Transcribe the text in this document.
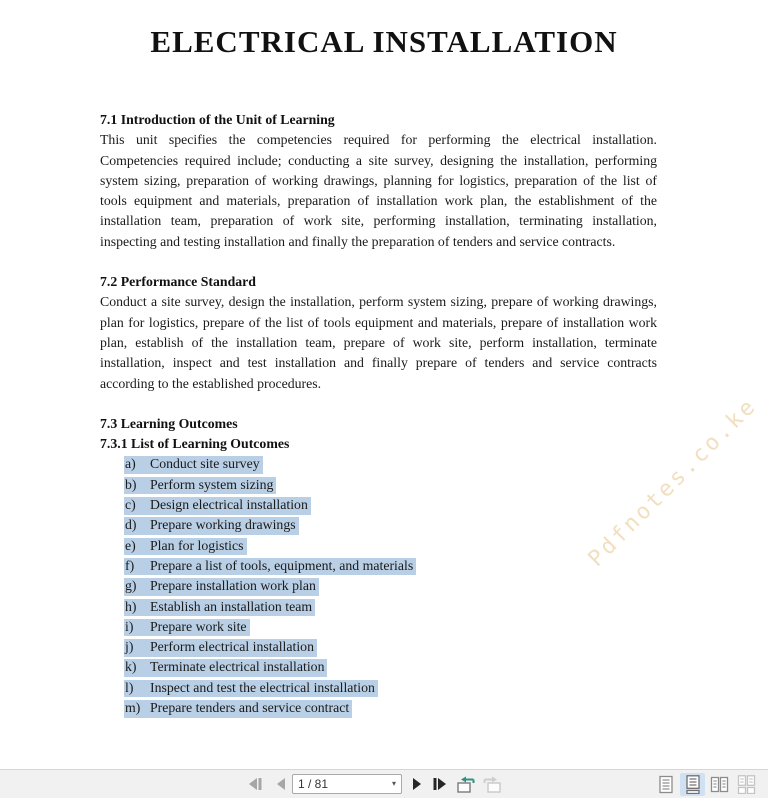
ELECTRICAL INSTALLATION
7.1 Introduction of the Unit of Learning

This unit specifies the competencies required for performing the electrical installation. Competencies required include; conducting a site survey, designing the installation, performing system sizing, preparation of working drawings, planning for logistics, preparation of the list of tools equipment and materials, preparation of installation work plan, the establishment of the installation team, preparation of work site, performing installation, terminating installation, inspecting and testing installation and finally the preparation of tenders and service contracts.

7.2 Performance Standard

Conduct a site survey, design the installation, perform system sizing, prepare of working drawings, plan for logistics, prepare of the list of tools equipment and materials, prepare of installation work plan, establish of the installation team, prepare of work site, perform installation, terminate installation, inspect and test installation and finally prepare of tenders and service contracts according to the established procedures.

7.3 Learning Outcomes
7.3.1 List of Learning Outcomes
a) Conduct site survey
b) Perform system sizing
c) Design electrical installation
d) Prepare working drawings
e) Plan for logistics
f) Prepare a list of tools, equipment, and materials
g) Prepare installation work plan
h) Establish an installation team
i) Prepare work site
j) Perform electrical installation
k) Terminate electrical installation
l) Inspect and test the electrical installation
m) Prepare tenders and service contract
Pdfnotes.co.ke
1 / 81	▾
